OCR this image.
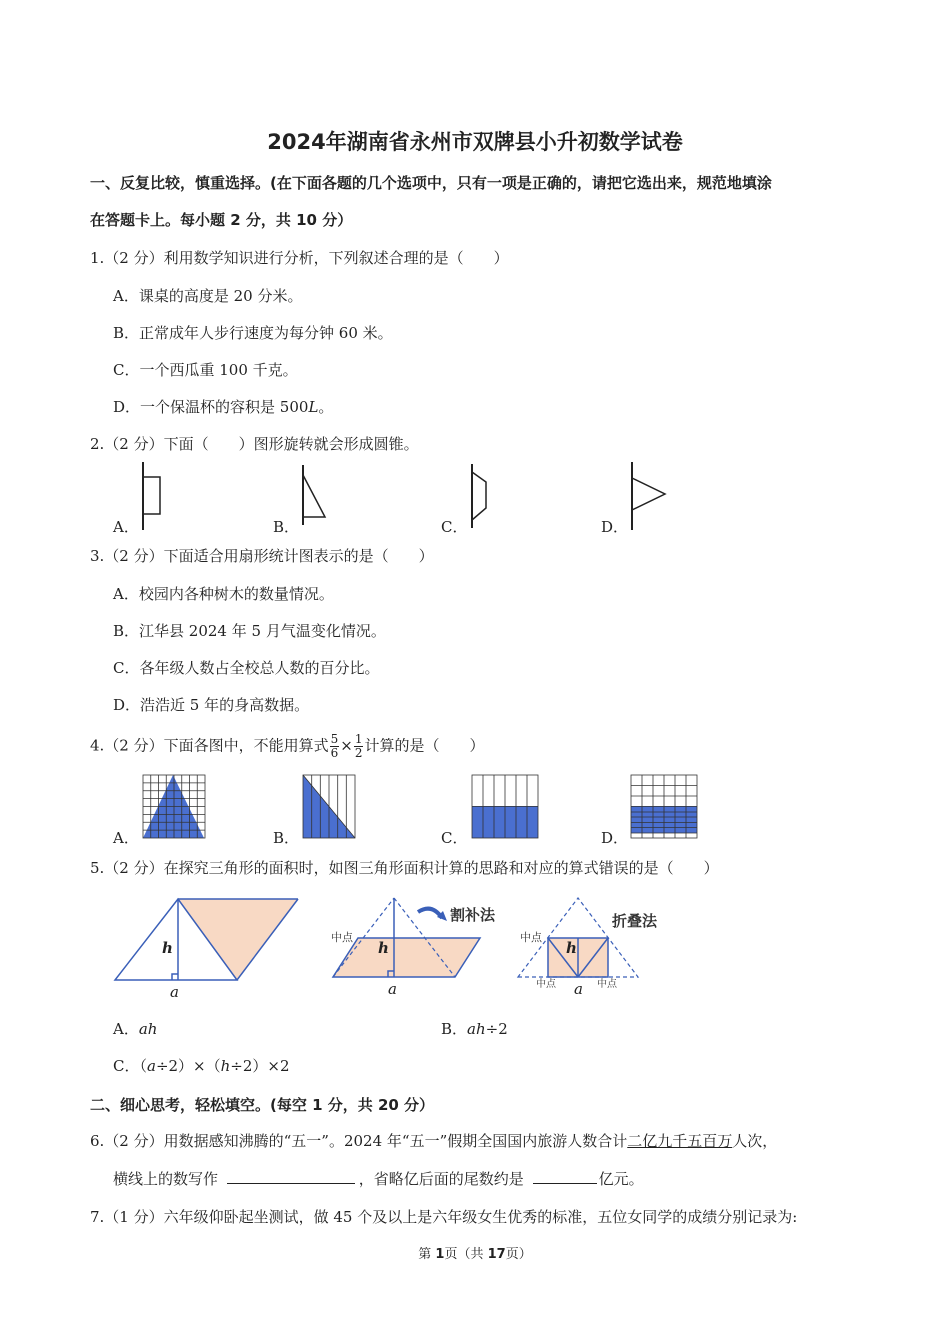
2024年湖南省永州市双牌县小升初数学试卷
一、反复比较，慎重选择。(在下面各题的几个选项中，只有一项是正确的，请把它选出来，规范地填涂
在答题卡上。每小题 2 分，共 10 分）
1.（2 分）利用数学知识进行分析，下列叙述合理的是（　　）
A．课桌的高度是 20 分米。
B．正常成年人步行速度为每分钟 60 米。
C．一个西瓜重 100 千克。
D．一个保温杯的容积是 500L。
2.（2 分）下面（　　）图形旋转就会形成圆锥。
A．	B．	C．	D．
3.（2 分）下面适合用扇形统计图表示的是（　　）
A．校园内各种树木的数量情况。
B．江华县 2024 年 5 月气温变化情况。
C．各年级人数占全校总人数的百分比。
D．浩浩近 5 年的身高数据。
4.（2 分）下面各图中，不能用算式 $\frac{5}{6} \times \frac{1}{2}$ 计算的是（　　）
A．	B．	C．	D．
5.（2 分）在探究三角形的面积时，如图三角形面积计算的思路和对应的算式错误的是（　　）
h
a
割补法
中点
h
a
折叠法
中点
中点	中点
h
a
A．ah	B．ah÷2
C．（a÷2）×（h÷2）×2
二、细心思考，轻松填空。(每空 1 分，共 20 分）
6.（2 分）用数据感知沸腾的“五一”。2024 年“五一”假期全国国内旅游人数合计二亿九千五百万人次，
横线上的数写作	，省略亿后面的尾数约是	亿元。
7.（1 分）六年级仰卧起坐测试，做 45 个及以上是六年级女生优秀的标准，五位女同学的成绩分别记录为:
第 1页（共 17页）
